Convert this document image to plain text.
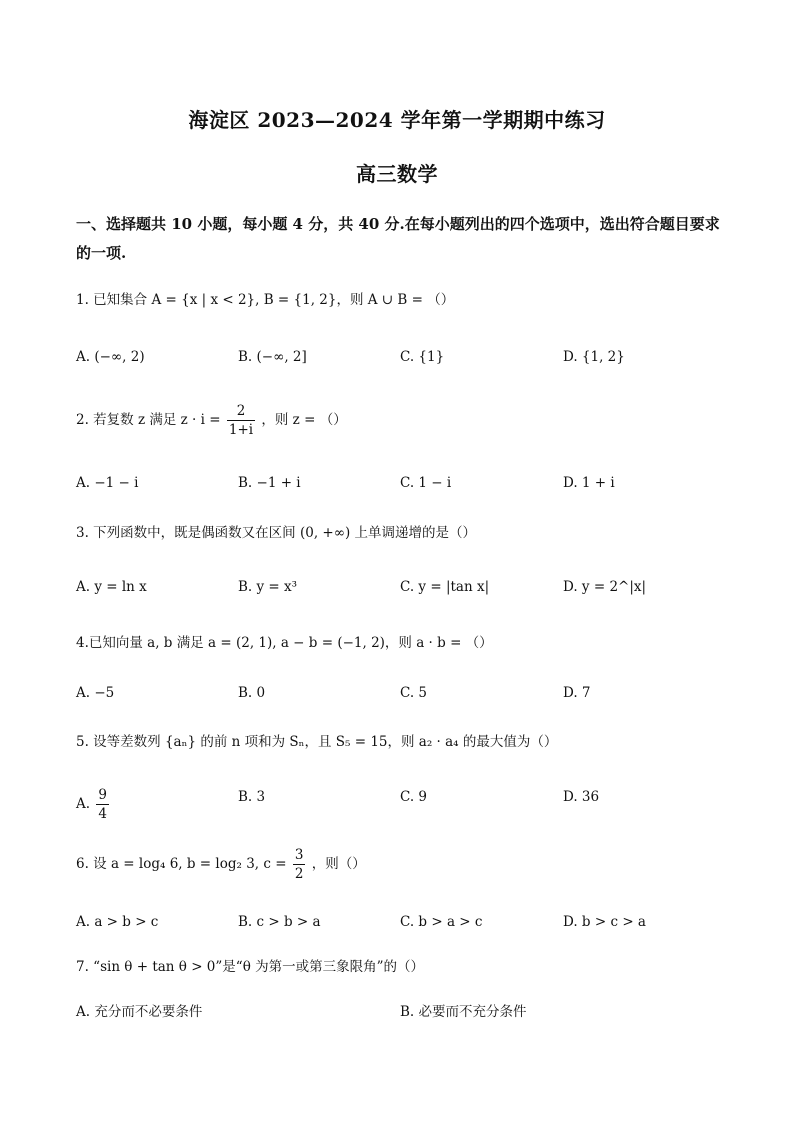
海淀区 2023—2024 学年第一学期期中练习
高三数学
一、选择题共 10 小题，每小题 4 分，共 40 分.在每小题列出的四个选项中，选出符合题目要求的一项.
1. 已知集合 A = {x | x < 2}, B = {1, 2}，则 A ∪ B = （）
A. (−∞, 2)	B. (−∞, 2]	C. {1}	D. {1, 2}
2. 若复数 z 满足 $z \cdot i = \frac{2}{1+i}$ ，则 z = （）
A. −1 − i	B. −1 + i	C. 1 − i	D. 1 + i
3. 下列函数中，既是偶函数又在区间 (0, +∞) 上单调递增的是（）
A. y = ln x	B. y = x³	C. y = |tan x|	D. y = 2^|x|
4.已知向量 a, b 满足 a = (2, 1), a − b = (−1, 2)，则 a · b = （）
A. −5	B. 0	C. 5	D. 7
5. 设等差数列 {aₙ} 的前 n 项和为 Sₙ，且 S₅ = 15，则 a₂ · a₄ 的最大值为（）
A. $\frac{9}{4}$	B. 3	C. 9	D. 36
6. 设 a = log₄ 6, b = log₂ 3, $c = \frac{3}{2}$ ，则（）
A. a > b > c	B. c > b > a	C. b > a > c	D. b > c > a
7. “sin θ + tan θ > 0”是“θ 为第一或第三象限角”的（）
A. 充分而不必要条件	B. 必要而不充分条件
